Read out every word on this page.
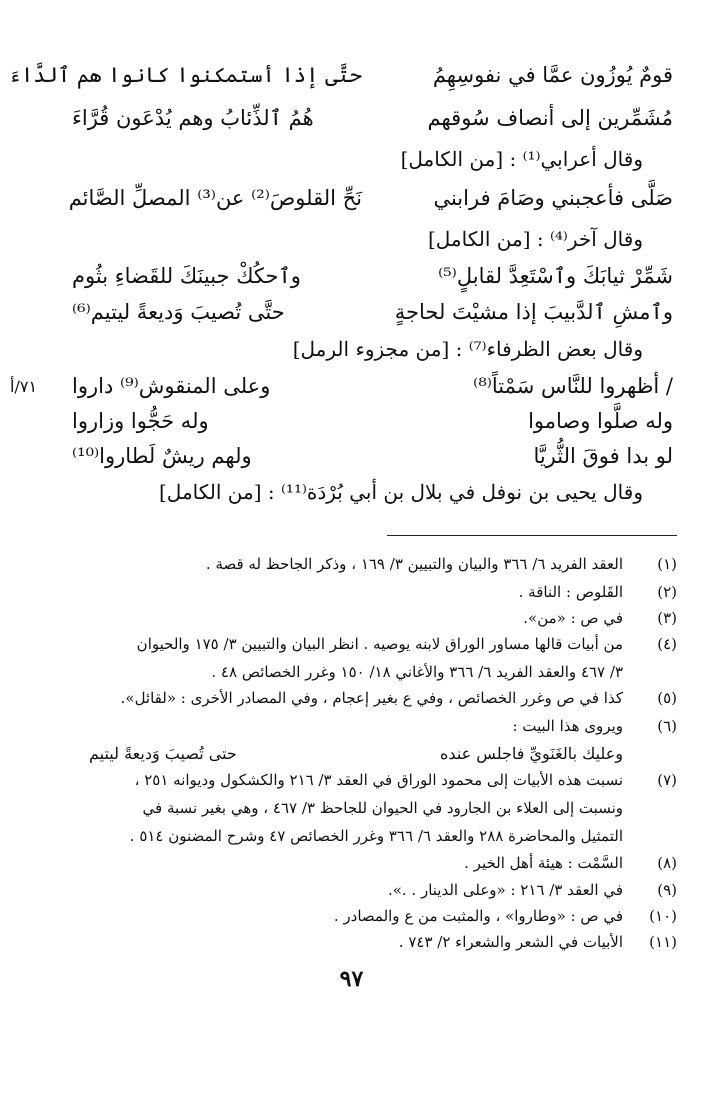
قومٌ يُوزُون عمَّا في نفوسِهِمُ
حتَّى إذا أستمكنوا كانوا هم ٱلدَّاءَ
مُشَمِّرين إلى أنصاف سُوقهم
هُمُ ٱلذِّئابُ وهم يُدْعَون قُرَّاءَ
وقال أعرابي⁽¹⁾ : [من الكامل]
صَلَّى فأعجبني وصَامَ فرابني
نَحِّ القلوصَ⁽²⁾ عن⁽³⁾ المصلِّ الصَّائم
وقال آخر⁽⁴⁾ : [من الكامل]
شَمِّرْ ثيابَكَ وٱسْتَعِدَّ لقابلٍ⁽⁵⁾
وٱحكُكْ جبينَكَ للقَضاءِ بثُوم
وٱمشِ ٱلدَّبيبَ إذا مشيْتَ لحاجةٍ
حتَّى تُصيبَ وَديعةً ليتيم⁽⁶⁾
وقال بعض الظرفاء⁽⁷⁾ : [من مجزوء الرمل]
/ أظهروا للنَّاس سَمْتاً⁽⁸⁾
وعلى المنقوش⁽⁹⁾ داروا
٧١/أ
وله صلَّوا وصاموا
وله حَجُّوا وزاروا
لو بدا فوقَ الثُّريَّا
ولهم ريشٌ لَطاروا⁽¹⁰⁾
وقال يحيى بن نوفل في بلال بن أبي بُرْدَة⁽¹¹⁾ : [من الكامل]
(١)
العقد الفريد ٦/ ٣٦٦ والبيان والتبيين ٣/ ١٦٩ ، وذكر الجاحظ له قصة .
(٢)
القَلوص : الناقة .
(٣)
في ص : «من».
(٤)
من أبيات قالها مساور الوراق لابنه يوصيه . انظر البيان والتبيين ٣/ ١٧٥ والحيوان
٣/ ٤٦٧ والعقد الفريد ٦/ ٣٦٦ والأغاني ١٨/ ١٥٠ وغرر الخصائص ٤٨ .
(٥)
كذا في ص وغرر الخصائص ، وفي ع بغير إعجام ، وفي المصادر الأخرى : «لقائل».
(٦)
ويروى هذا البيت :
وعليك بالغَنَويِّ فاجلس عنده
حتى تُصيبَ وَديعةً ليتيم
(٧)
نسبت هذه الأبيات إلى محمود الوراق في العقد ٣/ ٢١٦ والكشكول وديوانه ٢٥١ ،
ونسبت إلى العلاء بن الجارود في الحيوان للجاحظ ٣/ ٤٦٧ ، وهي بغير نسبة في
التمثيل والمحاضرة ٢٨٨ والعقد ٦/ ٣٦٦ وغرر الخصائص ٤٧ وشرح المضنون ٥١٤ .
(٨)
السَّمْت : هيئة أهل الخير .
(٩)
في العقد ٣/ ٢١٦ : «وعلى الدينار . .».
(١٠)
في ص : «وطاروا» ، والمثبت من ع والمصادر .
(١١)
الأبيات في الشعر والشعراء ٢/ ٧٤٣ .
٩٧
